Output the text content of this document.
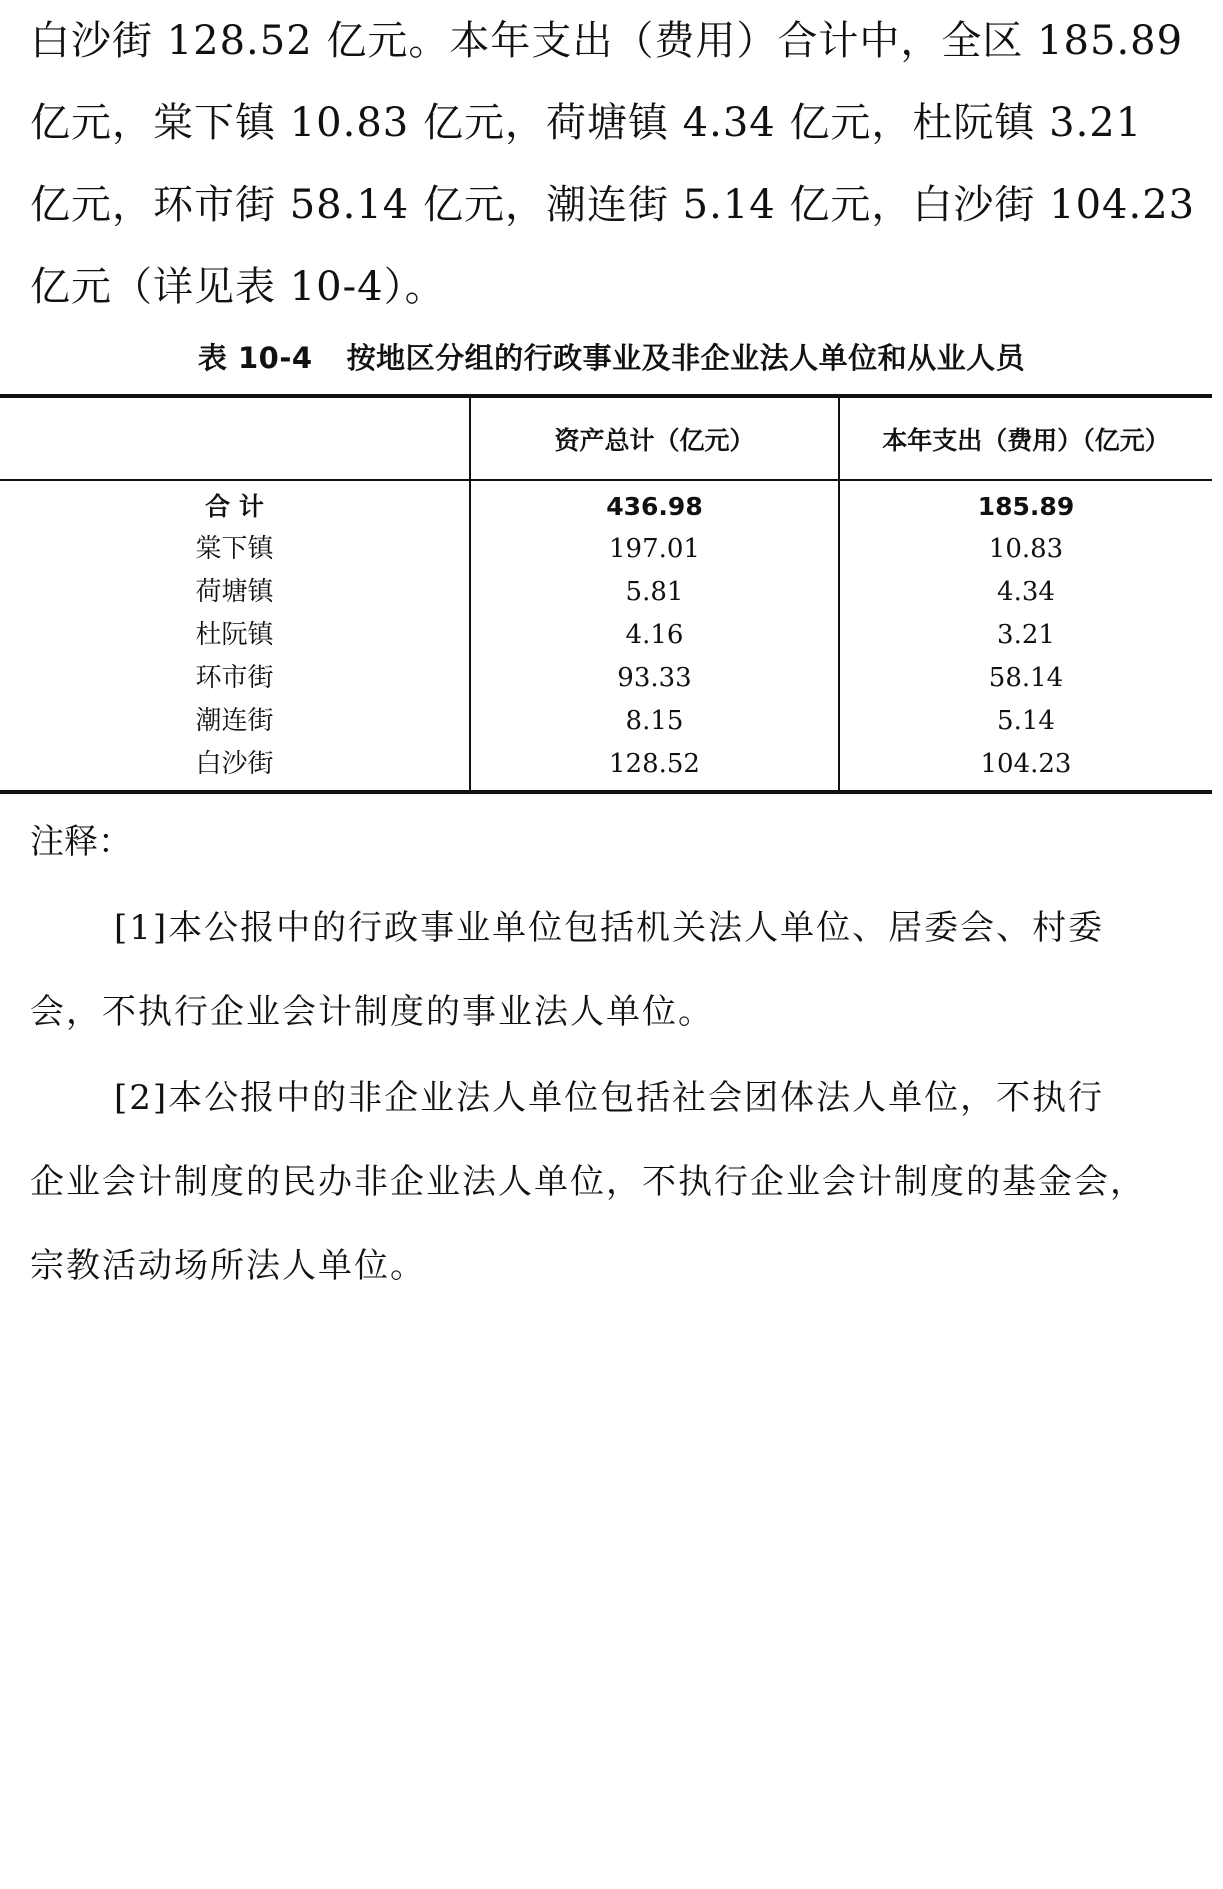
白沙街 128.52 亿元。本年支出（费用）合计中，全区 185.89
亿元，棠下镇 10.83 亿元，荷塘镇 4.34 亿元，杜阮镇 3.21
亿元，环市街 58.14 亿元，潮连街 5.14 亿元，白沙街 104.23
亿元（详见表 10-4）。
表 10-4 按地区分组的行政事业及非企业法人单位和从业人员
	资产总计（亿元）	本年支出（费用）（亿元）
合 计	436.98	185.89
棠下镇	197.01	10.83
荷塘镇	5.81	4.34
杜阮镇	4.16	3.21
环市街	93.33	58.14
潮连街	8.15	5.14
白沙街	128.52	104.23
注释：
[1]本公报中的行政事业单位包括机关法人单位、居委会、村委
会，不执行企业会计制度的事业法人单位。
[2]本公报中的非企业法人单位包括社会团体法人单位，不执行
企业会计制度的民办非企业法人单位，不执行企业会计制度的基金会，
宗教活动场所法人单位。
